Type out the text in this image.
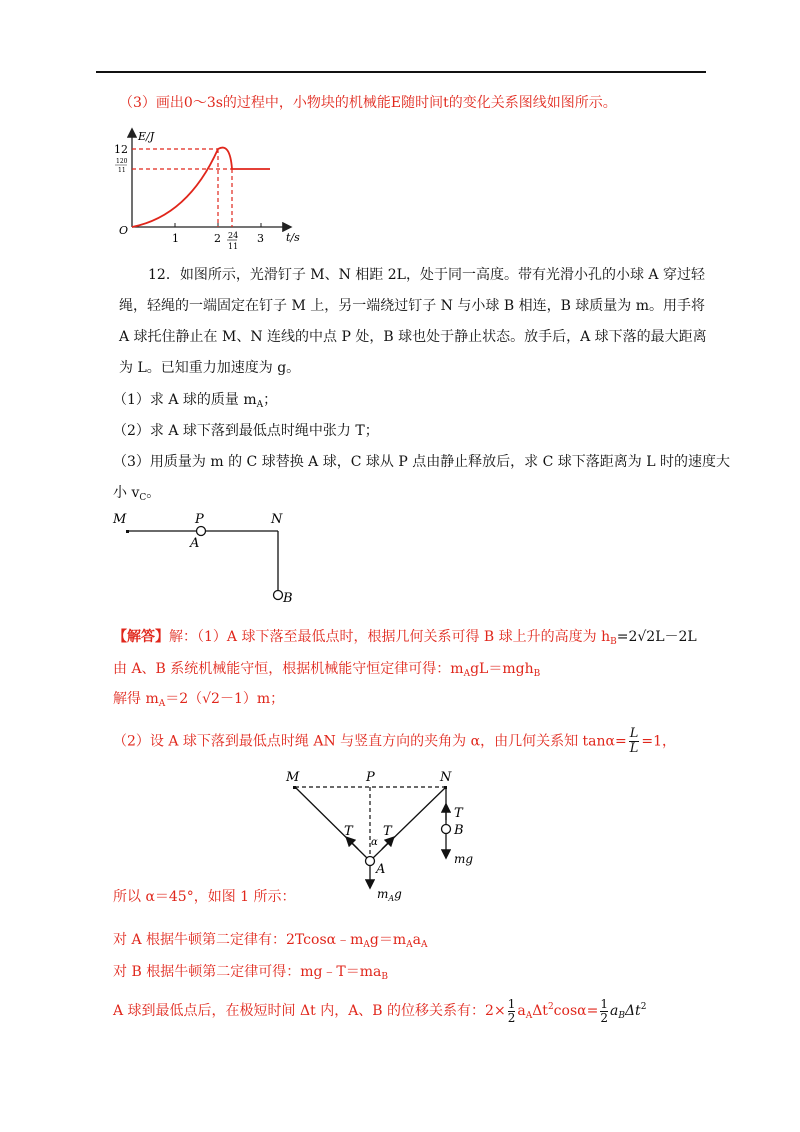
（3）画出0～3s的过程中，小物块的机械能E随时间t的变化关系图线如图所示。
E/J
t/s
O
1	2	3
24
11
12
120
11
12．如图所示，光滑钉子 M、N 相距 2L，处于同一高度。带有光滑小孔的小球 A 穿过轻
绳，轻绳的一端固定在钉子 M 上，另一端绕过钉子 N 与小球 B 相连，B 球质量为 m。用手将
A 球托住静止在 M、N 连线的中点 P 处，B 球也处于静止状态。放手后，A 球下落的最大距离
为 L。已知重力加速度为 g。
（1）求 A 球的质量 $m_A$；
（2）求 A 球下落到最低点时绳中张力 T；
（3）用质量为 m 的 C 球替换 A 球，C 球从 P 点由静止释放后，求 C 球下落距离为 L 时的速度大
小 $v_C$。
M	P	N
A
B
【解答】解：（1）A 球下落至最低点时，根据几何关系可得 B 球上升的高度为 $h_B=2√2L-2L$
由 A、B 系统机械能守恒，根据机械能守恒定律可得：$m_AgL=mgh_B$
解得 $m_A=2(√2-1)m$；
（2）设 A 球下落到最低点时绳 AN 与竖直方向的夹角为 α，由几何关系知 $\tan\alpha= \frac{L}{L} =1$，
M	P	N
T T
α
A
$m_Ag$
T
B
mg
所以 α＝45°，如图 1 所示：
对 A 根据牛顿第二定律有：$2Tcos\alpha﹣m_Ag=m_Aa_A$
对 B 根据牛顿第二定律可得：$mg﹣T=ma_B$
A 球到最低点后，在极短时间 Δt 内，A、B 的位移关系有：$2\times \frac{1}{2} a_A\Delta t^2\cos\alpha= \frac{1}{2} a_B\Delta t^2$
